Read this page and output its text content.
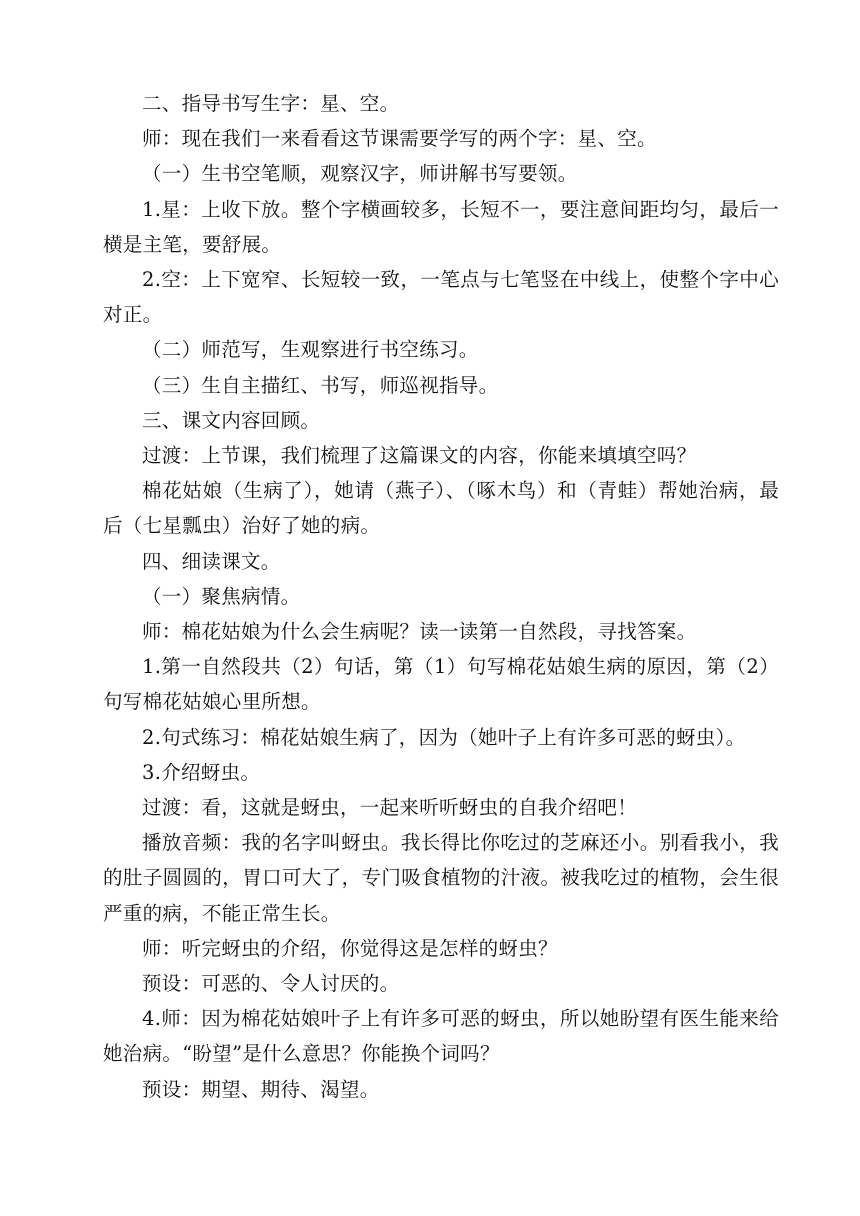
二、指导书写生字：星、空。

师：现在我们一来看看这节课需要学写的两个字：星、空。

（一）生书空笔顺，观察汉字，师讲解书写要领。

1.星：上收下放。整个字横画较多，长短不一，要注意间距均匀，最后一横是主笔，要舒展。

2.空：上下宽窄、长短较一致，一笔点与七笔竖在中线上，使整个字中心对正。

（二）师范写，生观察进行书空练习。

（三）生自主描红、书写，师巡视指导。

三、课文内容回顾。

过渡：上节课，我们梳理了这篇课文的内容，你能来填填空吗？

棉花姑娘（生病了），她请（燕子）、（啄木鸟）和（青蛙）帮她治病，最后（七星瓢虫）治好了她的病。

四、细读课文。

（一）聚焦病情。

师：棉花姑娘为什么会生病呢？读一读第一自然段，寻找答案。

1.第一自然段共（2）句话，第（1）句写棉花姑娘生病的原因，第（2）句写棉花姑娘心里所想。

2.句式练习：棉花姑娘生病了，因为（她叶子上有许多可恶的蚜虫）。

3.介绍蚜虫。

过渡：看，这就是蚜虫，一起来听听蚜虫的自我介绍吧！

播放音频：我的名字叫蚜虫。我长得比你吃过的芝麻还小。别看我小，我的肚子圆圆的，胃口可大了，专门吸食植物的汁液。被我吃过的植物，会生很严重的病，不能正常生长。

师：听完蚜虫的介绍，你觉得这是怎样的蚜虫？

预设：可恶的、令人讨厌的。

4.师：因为棉花姑娘叶子上有许多可恶的蚜虫，所以她盼望有医生能来给她治病。“盼望”是什么意思？你能换个词吗？

预设：期望、期待、渴望。
